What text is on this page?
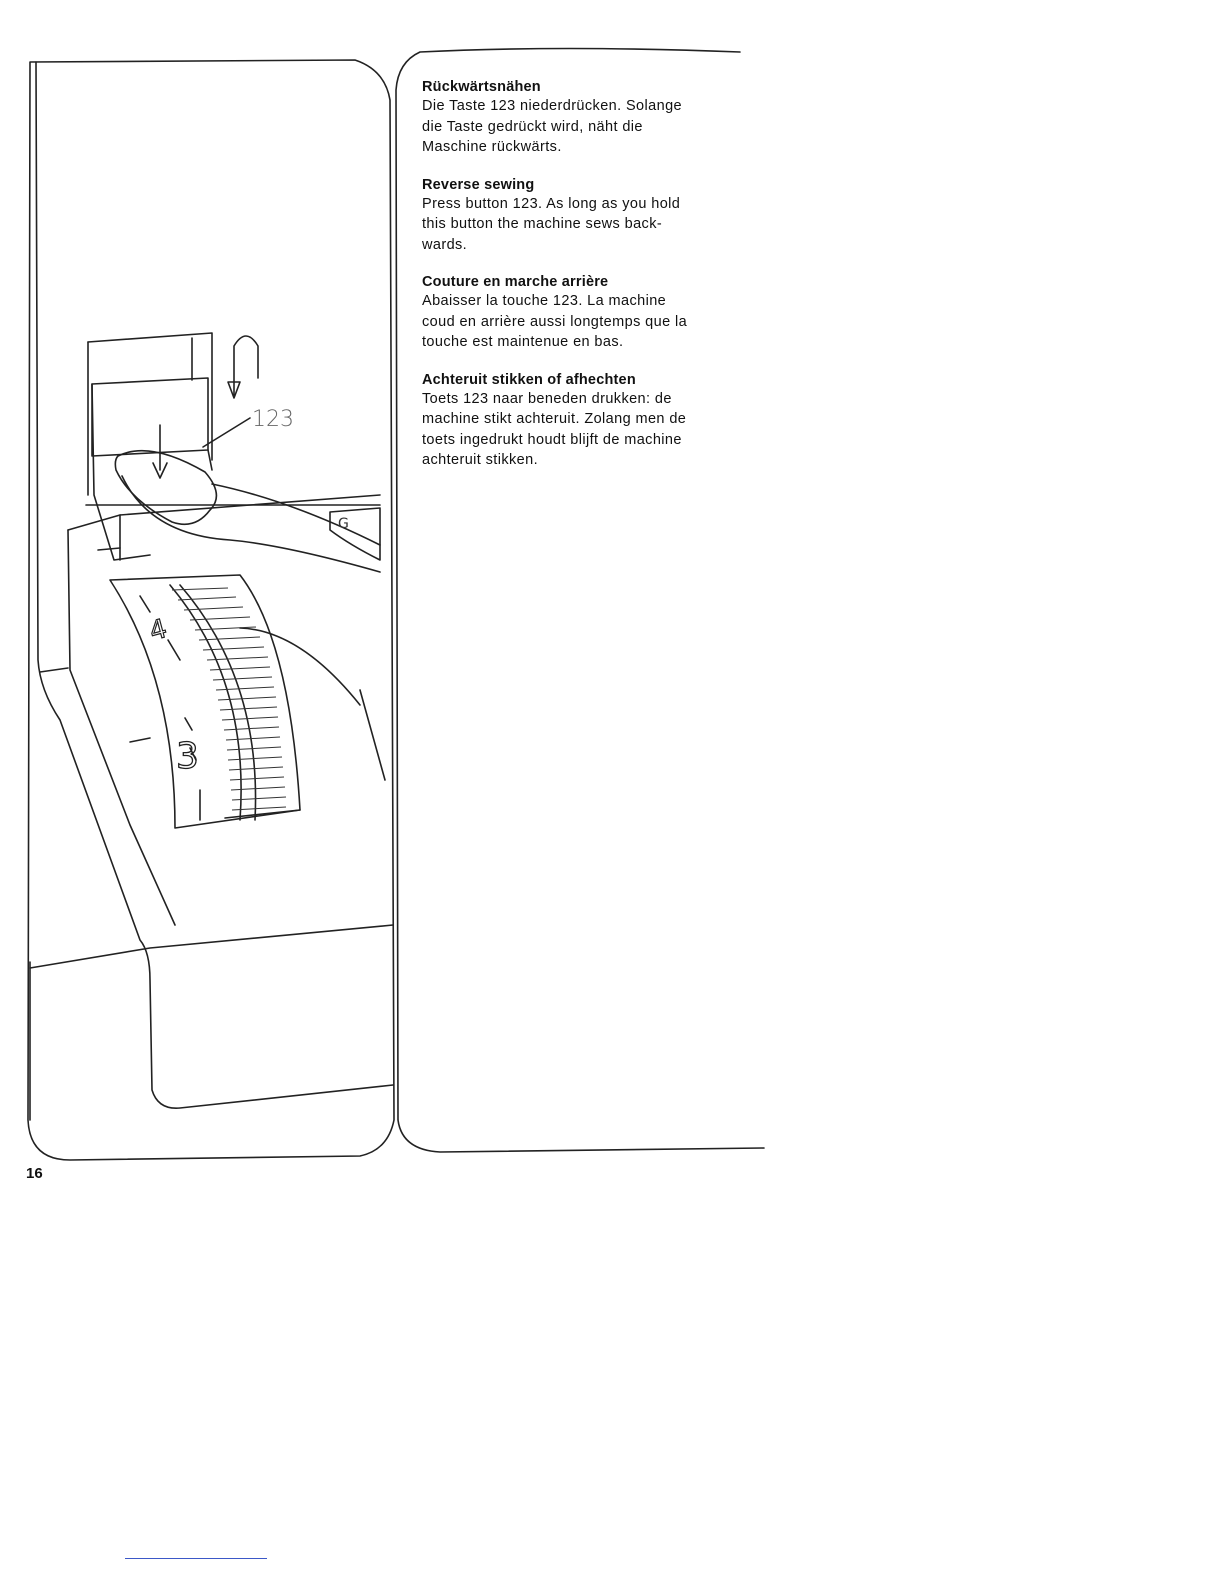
123
4
3
G
Rückwärtsnähen
Die Taste 123 niederdrücken. Solange
die Taste gedrückt wird, näht die
Maschine rückwärts.
Reverse sewing
Press button 123. As long as you hold
this button the machine sews back-
wards.
Couture en marche arrière
Abaisser la touche 123. La machine
coud en arrière aussi longtemps que la
touche est maintenue en bas.
Achteruit stikken of afhechten
Toets 123 naar beneden drukken: de
machine stikt achteruit. Zolang men de
toets ingedrukt houdt blijft de machine
achteruit stikken.
16
